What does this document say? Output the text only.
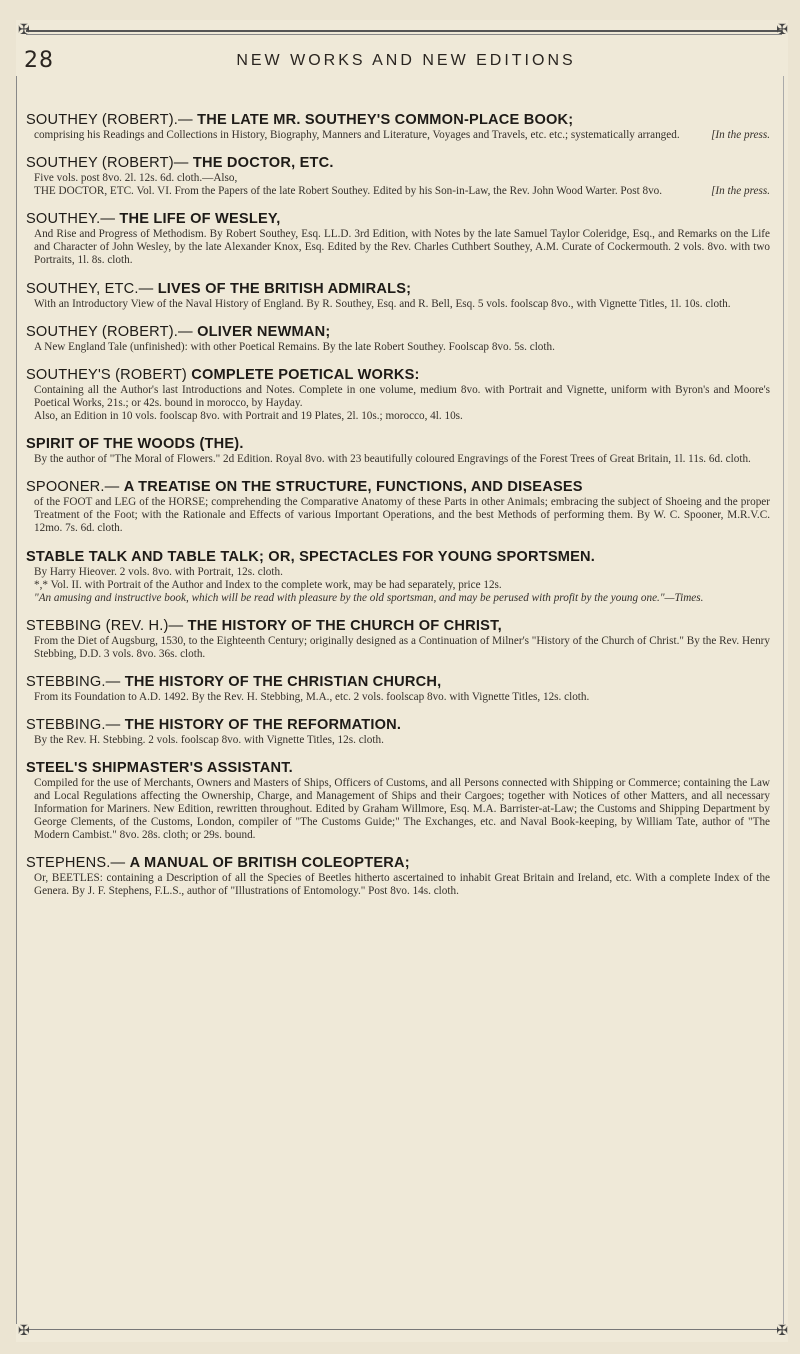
✠	✠
✠	✠
28	NEW WORKS AND NEW EDITIONS
SOUTHEY (ROBERT).— THE LATE MR. SOUTHEY'S COMMON-PLACE BOOK;

comprising his Readings and Collections in History, Biography, Manners and Literature, Voyages and Travels, etc. etc.; systematically arranged.	[In the press.

SOUTHEY (ROBERT)— THE DOCTOR, ETC.

Five vols. post 8vo. 2l. 12s. 6d. cloth.—Also,

THE DOCTOR, ETC. Vol. VI. From the Papers of the late Robert Southey. Edited by his Son-in-Law, the Rev. John Wood Warter. Post 8vo.	[In the press.

SOUTHEY.— THE LIFE OF WESLEY,

And Rise and Progress of Methodism. By Robert Southey, Esq. LL.D. 3rd Edition, with Notes by the late Samuel Taylor Coleridge, Esq., and Remarks on the Life and Character of John Wesley, by the late Alexander Knox, Esq. Edited by the Rev. Charles Cuthbert Southey, A.M. Curate of Cockermouth. 2 vols. 8vo. with two Portraits, 1l. 8s. cloth.

SOUTHEY, ETC.— LIVES OF THE BRITISH ADMIRALS;

With an Introductory View of the Naval History of England. By R. Southey, Esq. and R. Bell, Esq. 5 vols. foolscap 8vo., with Vignette Titles, 1l. 10s. cloth.

SOUTHEY (ROBERT).— OLIVER NEWMAN;

A New England Tale (unfinished): with other Poetical Remains. By the late Robert Southey. Foolscap 8vo. 5s. cloth.

SOUTHEY'S (ROBERT) COMPLETE POETICAL WORKS:

Containing all the Author's last Introductions and Notes. Complete in one volume, medium 8vo. with Portrait and Vignette, uniform with Byron's and Moore's Poetical Works, 21s.; or 42s. bound in morocco, by Hayday.

Also, an Edition in 10 vols. foolscap 8vo. with Portrait and 19 Plates, 2l. 10s.; morocco, 4l. 10s.

SPIRIT OF THE WOODS (THE).

By the author of "The Moral of Flowers." 2d Edition. Royal 8vo. with 23 beautifully coloured Engravings of the Forest Trees of Great Britain, 1l. 11s. 6d. cloth.

SPOONER.— A TREATISE ON THE STRUCTURE, FUNCTIONS, AND DISEASES

of the FOOT and LEG of the HORSE; comprehending the Comparative Anatomy of these Parts in other Animals; embracing the subject of Shoeing and the proper Treatment of the Foot; with the Rationale and Effects of various Important Operations, and the best Methods of performing them. By W. C. Spooner, M.R.V.C. 12mo. 7s. 6d. cloth.

STABLE TALK AND TABLE TALK; OR, SPECTACLES FOR YOUNG SPORTSMEN.

By Harry Hieover. 2 vols. 8vo. with Portrait, 12s. cloth.

*,* Vol. II. with Portrait of the Author and Index to the complete work, may be had separately, price 12s.

"An amusing and instructive book, which will be read with pleasure by the old sportsman, and may be perused with profit by the young one."—Times.

STEBBING (REV. H.)— THE HISTORY OF THE CHURCH OF CHRIST,

From the Diet of Augsburg, 1530, to the Eighteenth Century; originally designed as a Continuation of Milner's "History of the Church of Christ." By the Rev. Henry Stebbing, D.D. 3 vols. 8vo. 36s. cloth.

STEBBING.— THE HISTORY OF THE CHRISTIAN CHURCH,

From its Foundation to A.D. 1492. By the Rev. H. Stebbing, M.A., etc. 2 vols. foolscap 8vo. with Vignette Titles, 12s. cloth.

STEBBING.— THE HISTORY OF THE REFORMATION.

By the Rev. H. Stebbing. 2 vols. foolscap 8vo. with Vignette Titles, 12s. cloth.

STEEL'S SHIPMASTER'S ASSISTANT.

Compiled for the use of Merchants, Owners and Masters of Ships, Officers of Customs, and all Persons connected with Shipping or Commerce; containing the Law and Local Regulations affecting the Ownership, Charge, and Management of Ships and their Cargoes; together with Notices of other Matters, and all necessary Information for Mariners. New Edition, rewritten throughout. Edited by Graham Willmore, Esq. M.A. Barrister-at-Law; the Customs and Shipping Department by George Clements, of the Customs, London, compiler of "The Customs Guide;" The Exchanges, etc. and Naval Book-keeping, by William Tate, author of "The Modern Cambist." 8vo. 28s. cloth; or 29s. bound.

STEPHENS.— A MANUAL OF BRITISH COLEOPTERA;

Or, BEETLES: containing a Description of all the Species of Beetles hitherto ascertained to inhabit Great Britain and Ireland, etc. With a complete Index of the Genera. By J. F. Stephens, F.L.S., author of "Illustrations of Entomology." Post 8vo. 14s. cloth.
